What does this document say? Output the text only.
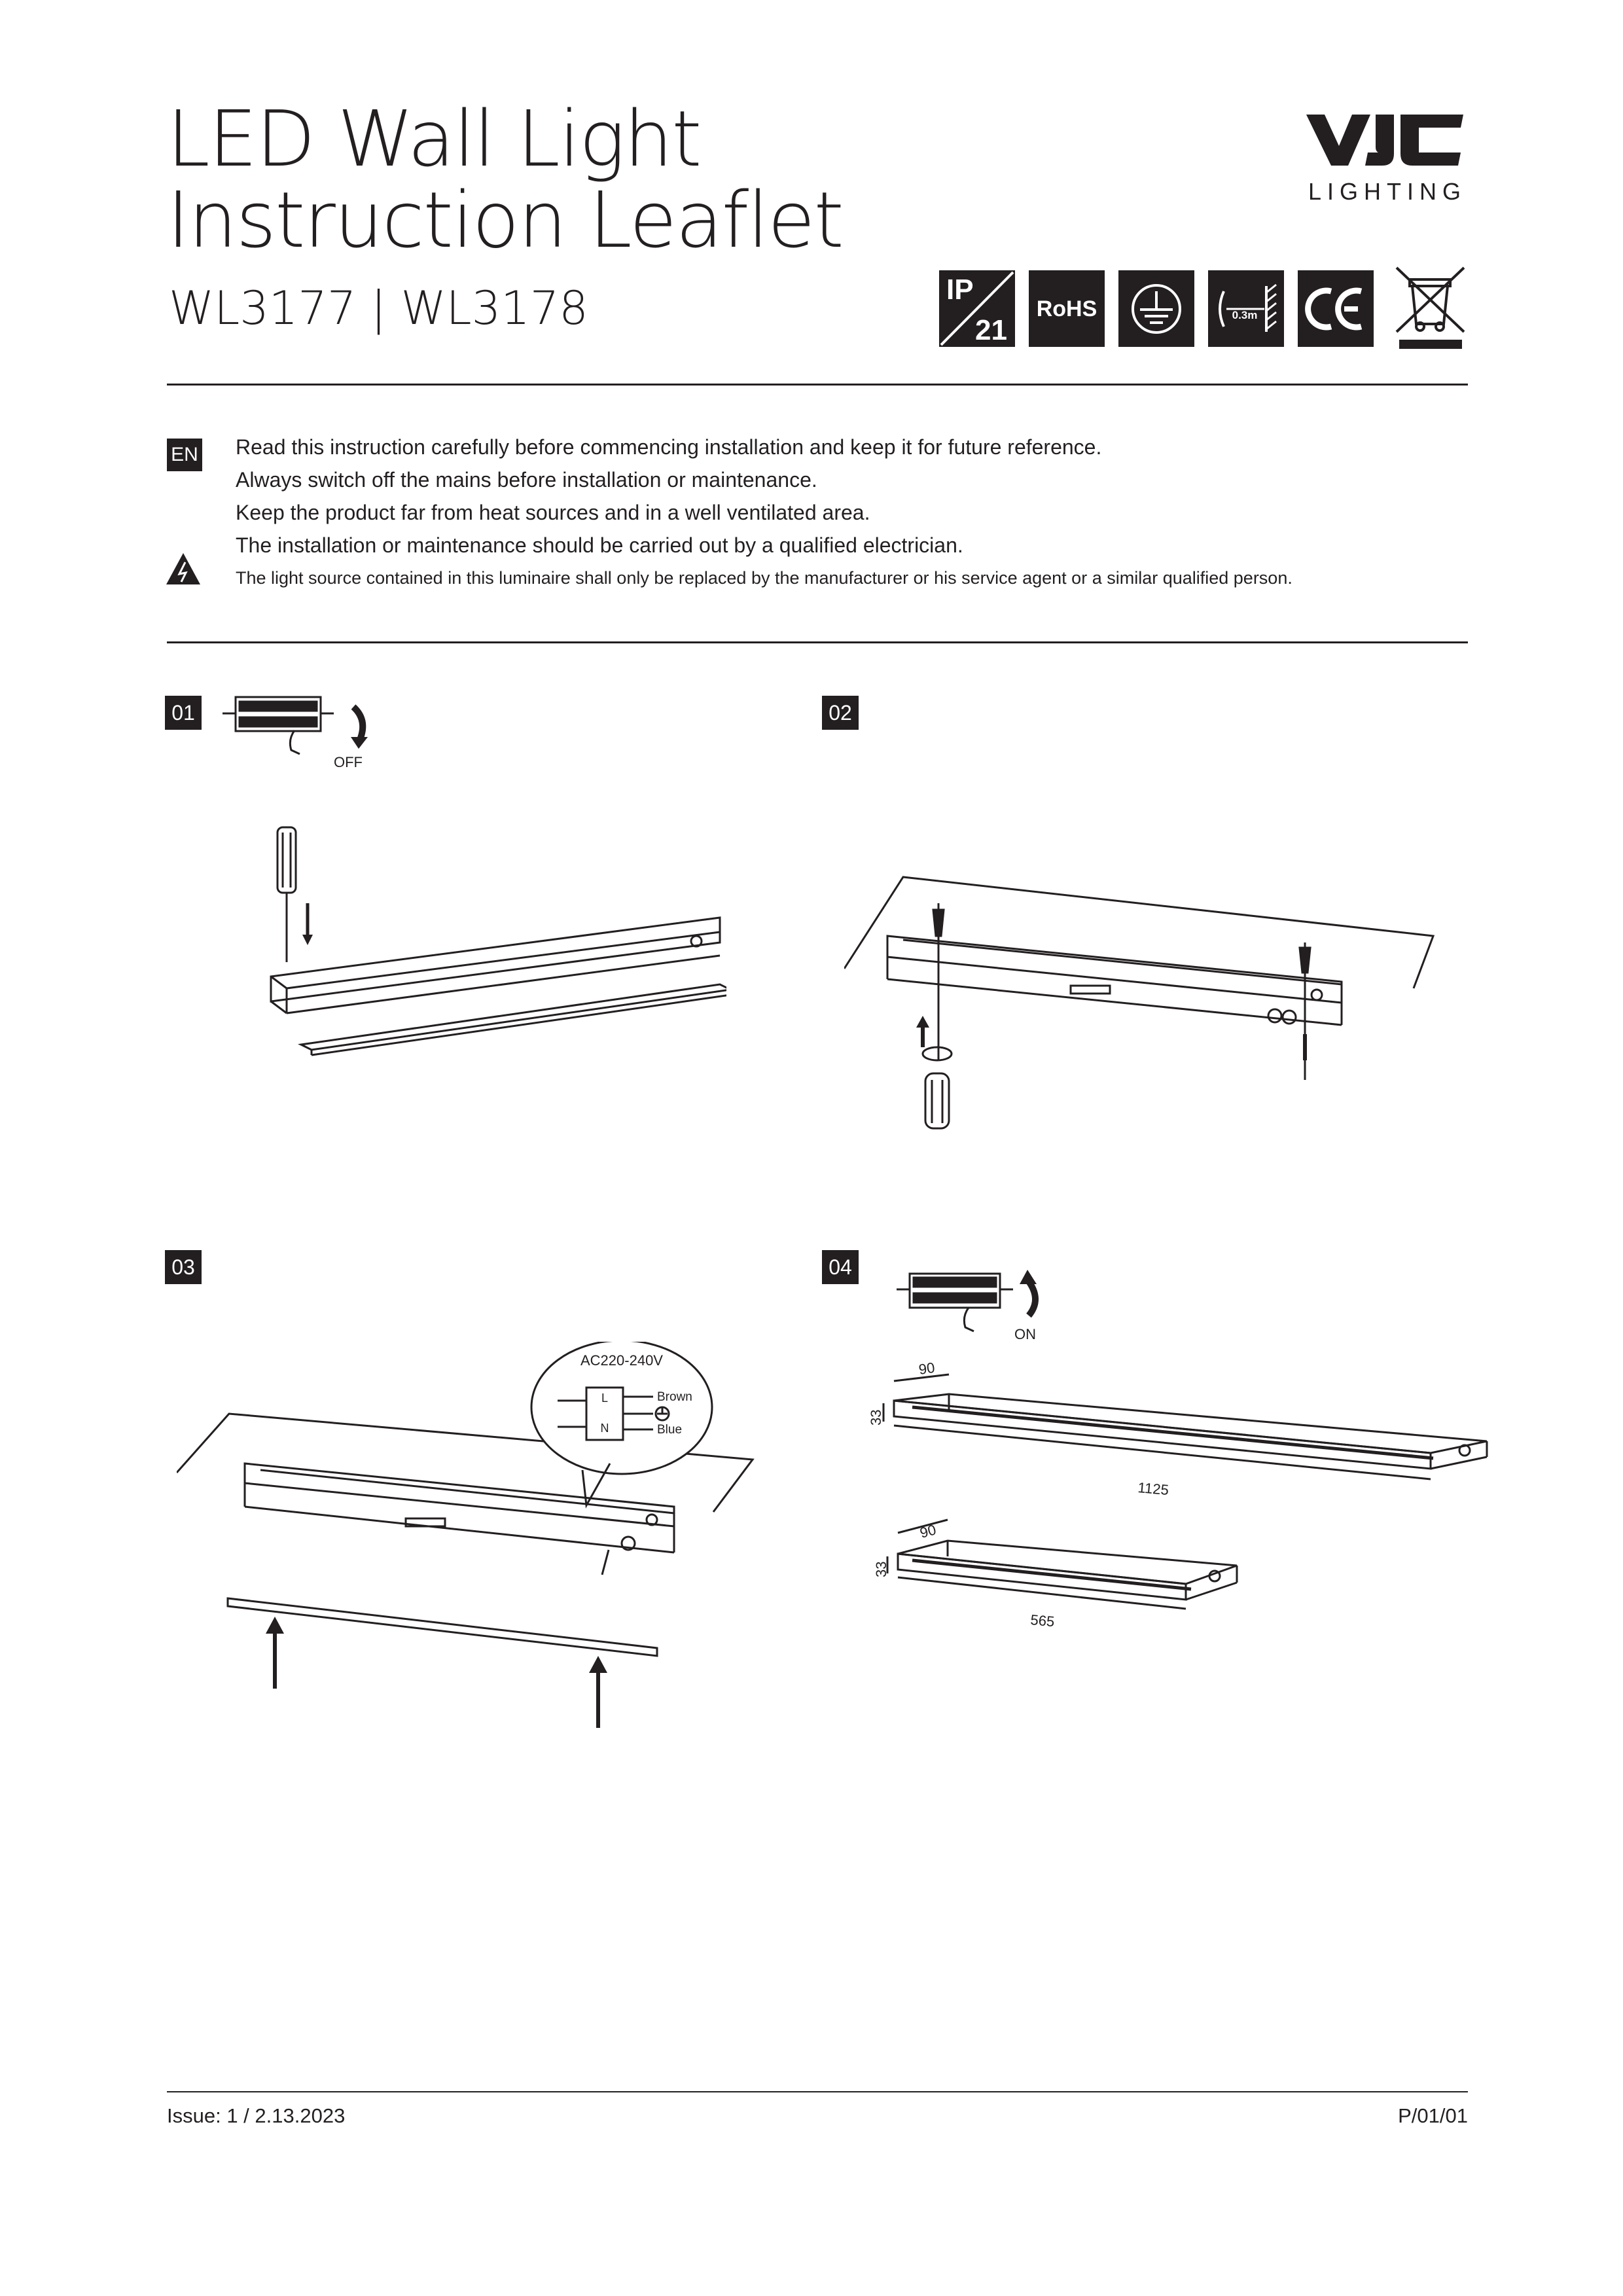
LED Wall Light
Instruction Leaflet
WL3177 | WL3178
LIGHTING
IP
21
RoHS	0.3m
EN Read this instruction carefully before commencing installation and keep it for future reference.
Always switch off the mains before installation or maintenance.
Keep the product far from heat sources and in a well ventilated area.
The installation or maintenance should be carried out by a qualified electrician.
The light source contained in this luminaire shall only be replaced by the manufacturer or his service agent or a similar qualified person.
01	02
03	04
OFF
AC220-240V
L
N
Brown
Blue
ON
90
33
1125
90
33
565
Issue: 1 / 2.13.2023	P/01/01
